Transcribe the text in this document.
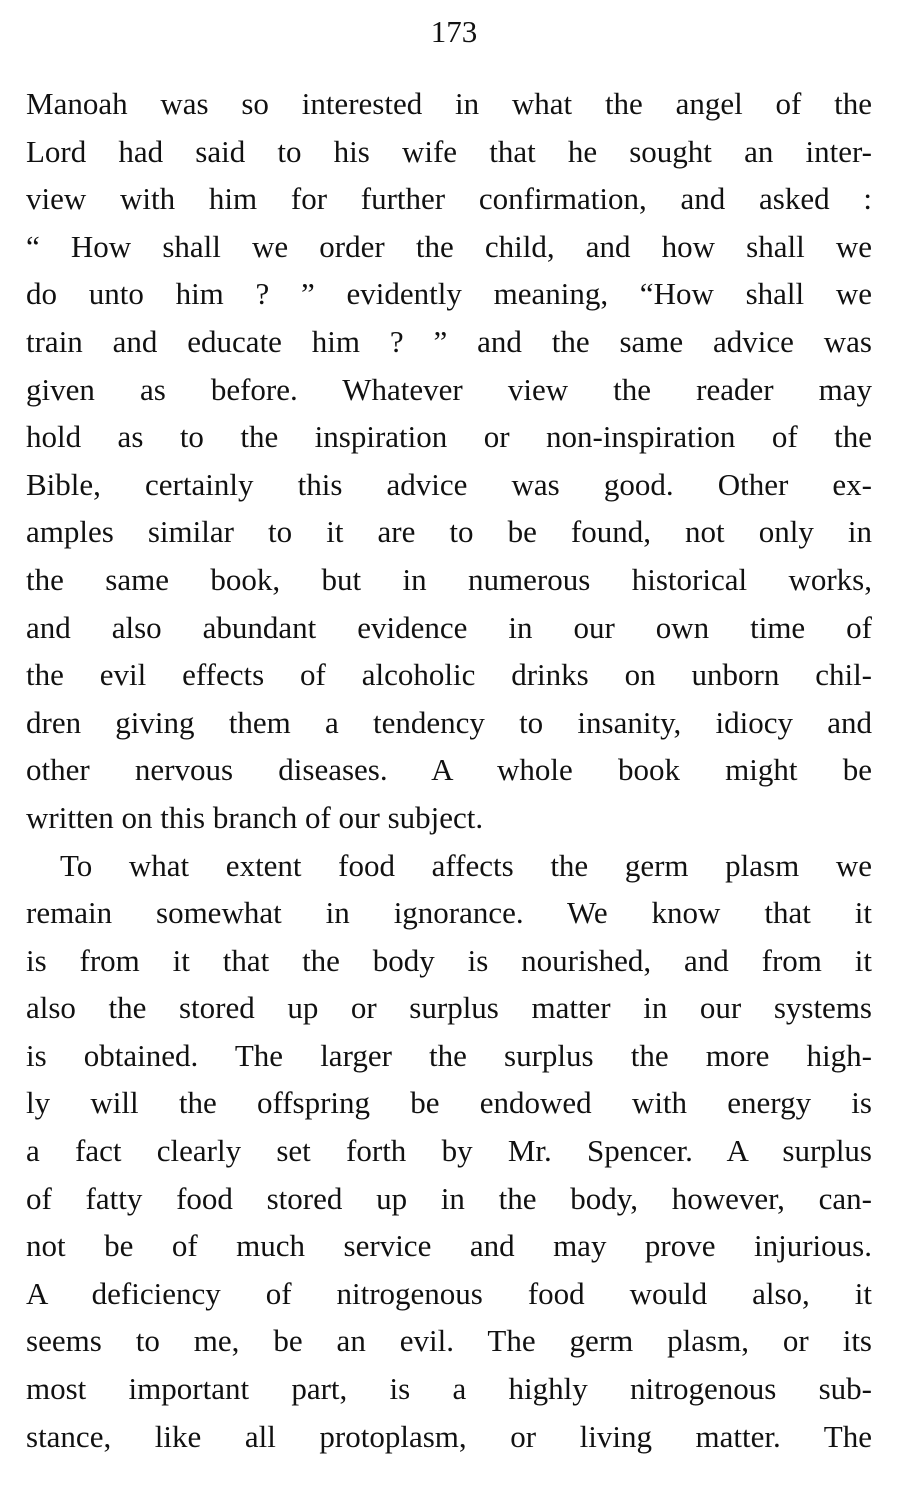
173
Manoah was so interested in what the angel of the
Lord had said to his wife that he sought an inter-
view with him for further confirmation, and asked :
“ How shall we order the child, and how shall we
do unto him ? ” evidently meaning, “How shall we
train and educate him ? ” and the same advice was
given as before. Whatever view the reader may
hold as to the inspiration or non-inspiration of the
Bible, certainly this advice was good. Other ex-
amples similar to it are to be found, not only in
the same book, but in numerous historical works,
and also abundant evidence in our own time of
the evil effects of alcoholic drinks on unborn chil-
dren giving them a tendency to insanity, idiocy and
other nervous diseases. A whole book might be
written on this branch of our subject.
To what extent food affects the germ plasm we
remain somewhat in ignorance. We know that it
is from it that the body is nourished, and from it
also the stored up or surplus matter in our systems
is obtained. The larger the surplus the more high-
ly will the offspring be endowed with energy is
a fact clearly set forth by Mr. Spencer. A surplus
of fatty food stored up in the body, however, can-
not be of much service and may prove injurious.
A deficiency of nitrogenous food would also, it
seems to me, be an evil. The germ plasm, or its
most important part, is a highly nitrogenous sub-
stance, like all protoplasm, or living matter. The
